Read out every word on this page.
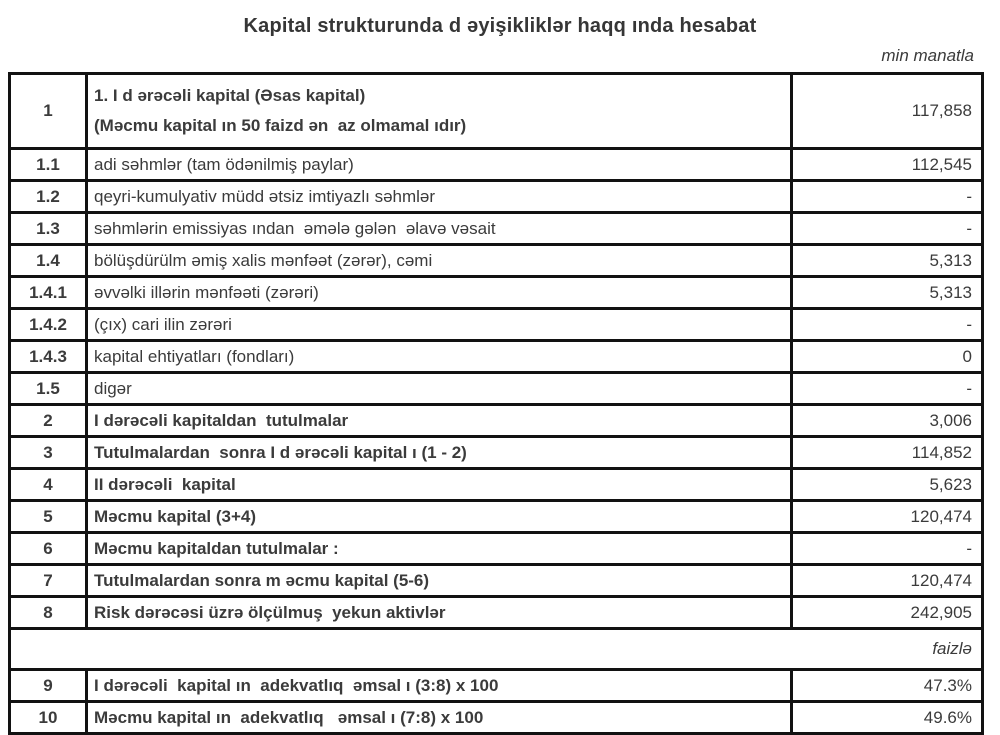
Kapital strukturunda d əyişikliklər haqq ında hesabat
min manatla
1	1. I d ərəcəli kapital (Əsas kapital)
(Məcmu kapital ın 50 faizd ən  az olmamal ıdır)	117,858
1.1	adi səhmlər (tam ödənilmiş paylar)	112,545
1.2	qeyri-kumulyativ müdd ətsiz imtiyazlı səhmlər	-
1.3	səhmlərin emissiyas ından  əmələ gələn  əlavə vəsait	-
1.4	bölüşdürülm əmiş xalis mənfəət (zərər), cəmi	5,313
1.4.1	əvvəlki illərin mənfəəti (zərəri)	5,313
1.4.2	(çıx) cari ilin zərəri	-
1.4.3	kapital ehtiyatları (fondları)	0
1.5	digər	-
2	I dərəcəli kapitaldan  tutulmalar	3,006
3	Tutulmalardan  sonra I d ərəcəli kapital ı (1 - 2)	114,852
4	II dərəcəli  kapital	5,623
5	Məcmu kapital (3+4)	120,474
6	Məcmu kapitaldan tutulmalar :	-
7	Tutulmalardan sonra m əcmu kapital (5-6)	120,474
8	Risk dərəcəsi üzrə ölçülmuş  yekun aktivlər	242,905
faizlə		
9	I dərəcəli  kapital ın  adekvatlıq  əmsal ı (3:8) x 100	47.3%
10	Məcmu kapital ın  adekvatlıq   əmsal ı (7:8) x 100	49.6%
